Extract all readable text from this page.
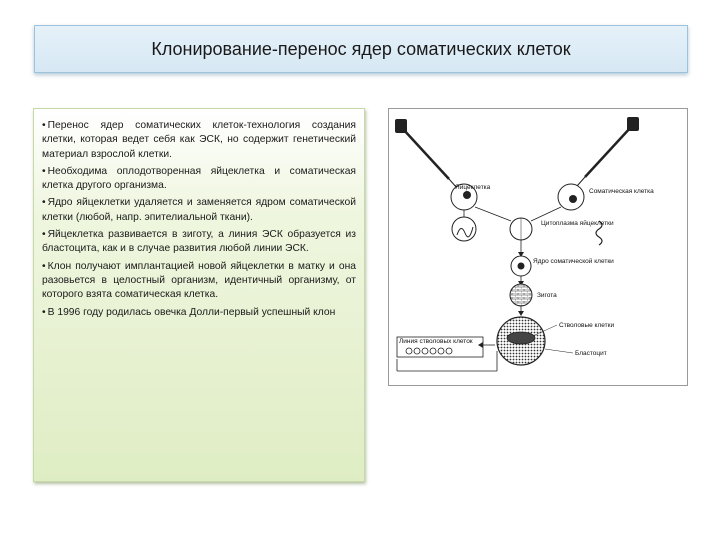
Клонирование-перенос ядер соматических клеток

• Перенос ядер соматических клеток-технология создания клетки, которая ведет себя как ЭСК, но содержит генетический материал взрослой клетки.

• Необходима оплодотворенная яйцеклетка и соматическая клетка другого организма.

• Ядро яйцеклетки удаляется и заменяется ядром соматической клетки (любой, напр. эпителиальной ткани).

• Яйцеклетка развивается в зиготу, а линия ЭСК образуется из бластоцита, как и в случае развития любой линии ЭСК.

• Клон получают имплантацией новой яйцеклетки в матку и она разовьется в целостный организм, идентичный организму, от которого взята соматическая клетка.

• В 1996 году родилась овечка Долли-первый успешный клон

Яйцеклетка
Соматическая клетка
Цитоплазма яйцеклетки
Ядро соматической клетки
Зигота
Стволовые клетки
Бластоцит
Линия стволовых клеток
